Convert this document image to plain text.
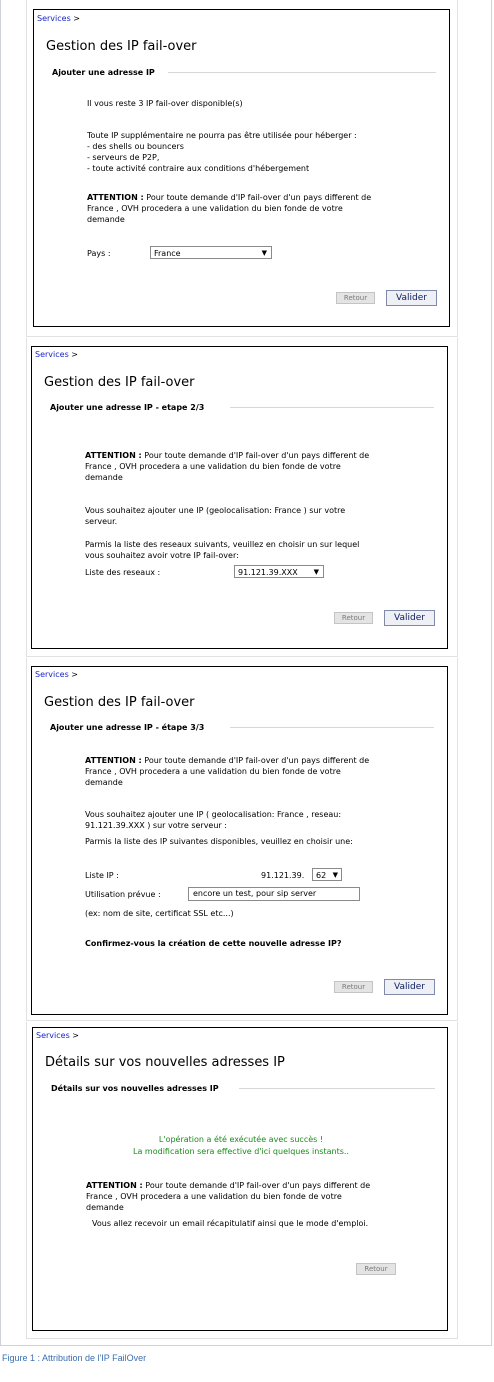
Services >
Gestion des IP fail-over
Ajouter une adresse IP
Il vous reste 3 IP fail-over disponible(s)
Toute IP supplémentaire ne pourra pas être utilisée pour héberger :
- des shells ou bouncers
- serveurs de P2P,
- toute activité contraire aux conditions d'hébergement
ATTENTION : Pour toute demande d'IP fail-over d'un pays different de
France , OVH procedera a une validation du bien fonde de votre
demande
Pays :	France	▼
Retour	Valider
Services >
Gestion des IP fail-over
Ajouter une adresse IP - etape 2/3
ATTENTION : Pour toute demande d'IP fail-over d'un pays different de
France , OVH procedera a une validation du bien fonde de votre
demande
Vous souhaitez ajouter une IP (geolocalisation: France ) sur votre
serveur.
Parmis la liste des reseaux suivants, veuillez en choisir un sur lequel
vous souhaitez avoir votre IP fail-over:
Liste des reseaux :	91.121.39.XXX ▼
Retour	Valider
Services >
Gestion des IP fail-over
Ajouter une adresse IP - étape 3/3
ATTENTION : Pour toute demande d'IP fail-over d'un pays different de
France , OVH procedera a une validation du bien fonde de votre
demande
Vous souhaitez ajouter une IP ( geolocalisation: France , reseau:
91.121.39.XXX ) sur votre serveur :
Parmis la liste des IP suivantes disponibles, veuillez en choisir une:
Liste IP :	91.121.39.	62 ▼
Utilisation prévue :	encore un test, pour sip server
(ex: nom de site, certificat SSL etc...)
Confirmez-vous la création de cette nouvelle adresse IP?
Retour	Valider
Services >
Détails sur vos nouvelles adresses IP
Détails sur vos nouvelles adresses IP
L'opération a été exécutée avec succès !
La modification sera effective d'ici quelques instants..
ATTENTION : Pour toute demande d'IP fail-over d'un pays different de
France , OVH procedera a une validation du bien fonde de votre
demande
Vous allez recevoir un email récapitulatif ainsi que le mode d'emploi.
Retour
Figure 1 : Attribution de l'IP FailOver
